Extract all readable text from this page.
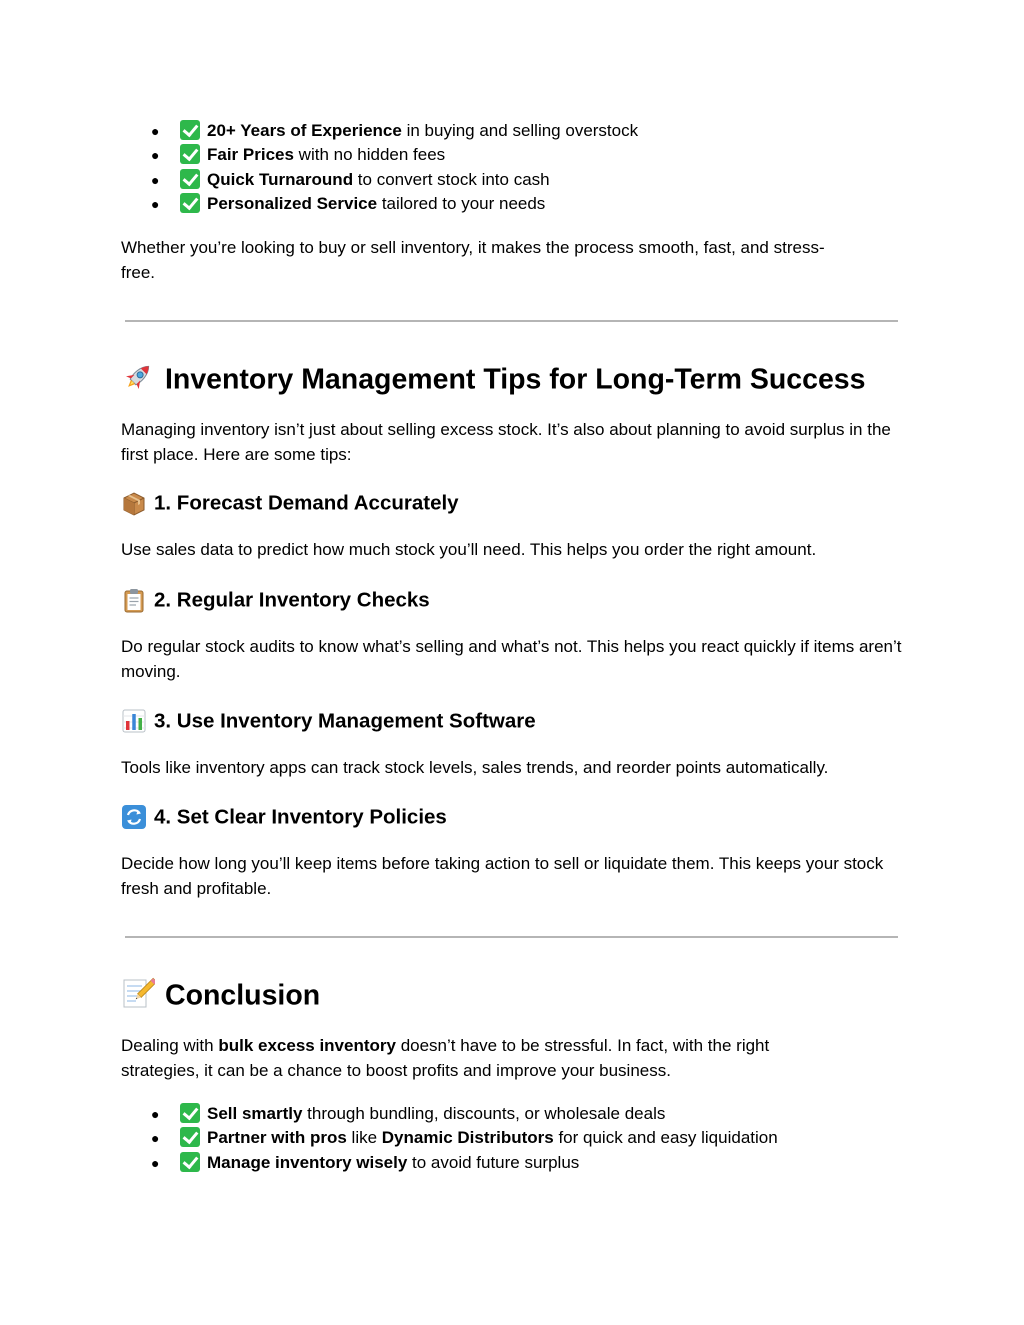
●	20+ Years of Experience in buying and selling overstock
●	Fair Prices with no hidden fees
●	Quick Turnaround to convert stock into cash
●	Personalized Service tailored to your needs

Whether you’re looking to buy or sell inventory, it makes the process smooth, fast, and stress-free.

Inventory Management Tips for Long-Term Success

Managing inventory isn’t just about selling excess stock. It’s also about planning to avoid surplus in the first place. Here are some tips:

1. Forecast Demand Accurately

Use sales data to predict how much stock you’ll need. This helps you order the right amount.

2. Regular Inventory Checks

Do regular stock audits to know what’s selling and what’s not. This helps you react quickly if items aren’t moving.

3. Use Inventory Management Software

Tools like inventory apps can track stock levels, sales trends, and reorder points automatically.

4. Set Clear Inventory Policies

Decide how long you’ll keep items before taking action to sell or liquidate them. This keeps your stock fresh and profitable.

Conclusion

Dealing with bulk excess inventory doesn’t have to be stressful. In fact, with the right strategies, it can be a chance to boost profits and improve your business.

●	Sell smartly through bundling, discounts, or wholesale deals
●	Partner with pros like Dynamic Distributors for quick and easy liquidation
●	Manage inventory wisely to avoid future surplus
